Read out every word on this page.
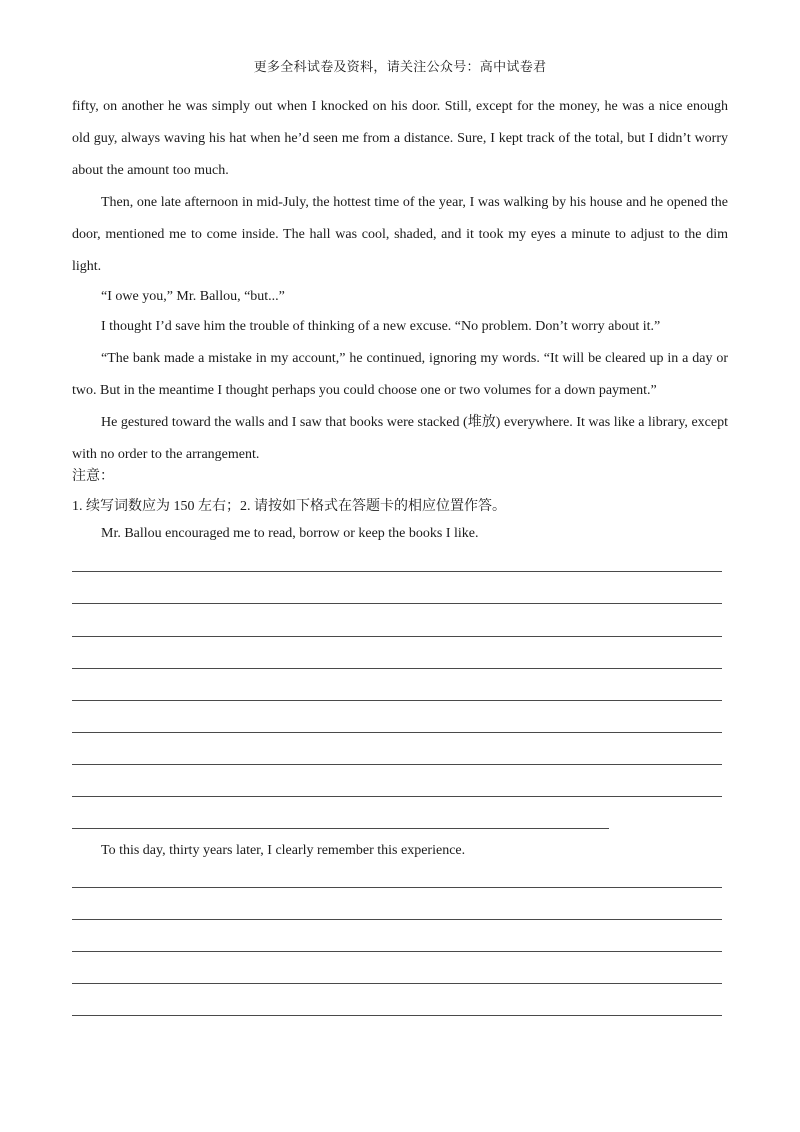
更多全科试卷及资料，请关注公众号：高中试卷君

fifty, on another he was simply out when I knocked on his door. Still, except for the money, he was a nice enough old guy, always waving his hat when he’d seen me from a distance. Sure, I kept track of the total, but I didn’t worry about the amount too much.

Then, one late afternoon in mid-July, the hottest time of the year, I was walking by his house and he opened the door, mentioned me to come inside. The hall was cool, shaded, and it took my eyes a minute to adjust to the dim light.

“I owe you,” Mr. Ballou, “but...”

I thought I’d save him the trouble of thinking of a new excuse. “No problem. Don’t worry about it.”

“The bank made a mistake in my account,” he continued, ignoring my words. “It will be cleared up in a day or two. But in the meantime I thought perhaps you could choose one or two volumes for a down payment.”

He gestured toward the walls and I saw that books were stacked (堆放) everywhere. It was like a library, except with no order to the arrangement.

注意：
1. 续写词数应为 150 左右；2. 请按如下格式在答题卡的相应位置作答。
Mr. Ballou encouraged me to read, borrow or keep the books I like.
To this day, thirty years later, I clearly remember this experience.
